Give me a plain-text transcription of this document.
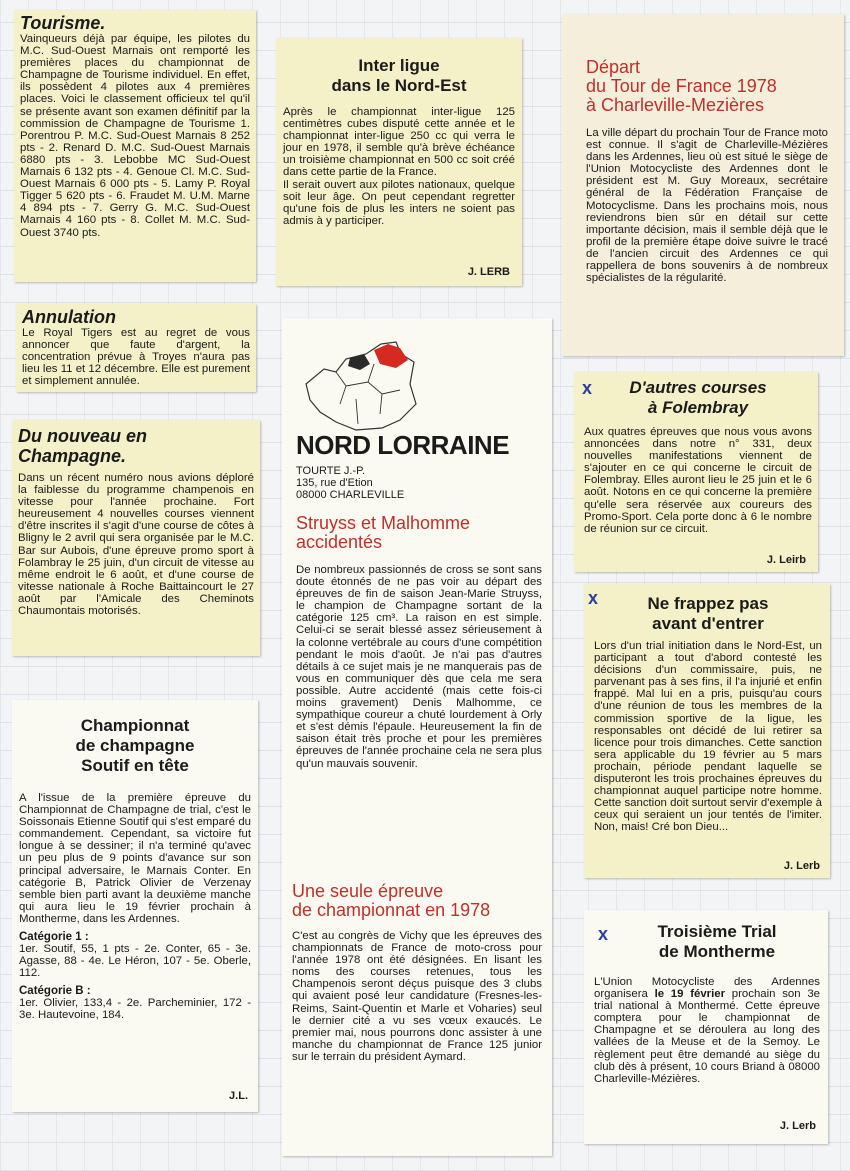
Tourisme.

Vainqueurs déjà par équipe, les pilotes du M.C. Sud-Ouest Marnais ont remporté les premières places du championnat de Champagne de Tourisme individuel. En effet, ils possèdent 4 pilotes aux 4 premières places. Voici le classement officieux tel qu'il se présente avant son examen définitif par la commission de Champagne de Tourisme 1. Porentrou P. M.C. Sud-Ouest Marnais 8 252 pts - 2. Renard D. M.C. Sud-Ouest Marnais 6880 pts - 3. Lebobbe MC Sud-Ouest Marnais 6 132 pts - 4. Genoue Cl. M.C. Sud-Ouest Marnais 6 000 pts - 5. Lamy P. Royal Tigger 5 620 pts - 6. Fraudet M. U.M. Marne 4 894 pts - 7. Gerry G. M.C. Sud-Ouest Marnais 4 160 pts - 8. Collet M. M.C. Sud-Ouest 3740 pts.

Annulation

Le Royal Tigers est au regret de vous annoncer que faute d'argent, la concentration prévue à Troyes n'aura pas lieu les 11 et 12 décembre. Elle est purement et simplement annulée.

Du nouveau en
Champagne.

Dans un récent numéro nous avions déploré la faiblesse du programme champenois en vitesse pour l'année prochaine. Fort heureusement 4 nouvelles courses viennent d'être inscrites il s'agit d'une course de côtes à Bligny le 2 avril qui sera organisée par le M.C. Bar sur Aubois, d'une épreuve promo sport à Folambray le 25 juin, d'un circuit de vitesse au même endroit le 6 août, et d'une course de vitesse nationale à Roche Baittaincourt le 27 août par l'Amicale des Cheminots Chaumontais motorisés.

Championnat
de champagne
Soutif en tête

A l'issue de la première épreuve du Championnat de Champagne de trial, c'est le Soissonais Etienne Soutif qui s'est emparé du commandement. Cependant, sa victoire fut longue à se dessiner; il n'a terminé qu'avec un peu plus de 9 points d'avance sur son principal adversaire, le Marnais Conter. En catégorie B, Patrick Olivier de Verzenay semble bien parti avant la deuxième manche qui aura lieu le 19 février prochain à Montherme, dans les Ardennes.

Catégorie 1 :

1er. Soutif, 55, 1 pts - 2e. Conter, 65 - 3e. Agasse, 88 - 4e. Le Héron, 107 - 5e. Oberle, 112.

Catégorie B :

1er. Olivier, 133,4 - 2e. Parcheminier, 172 - 3e. Hautevoine, 184.

J.L.

Inter ligue
dans le Nord-Est

Après le championnat inter-ligue 125 centimètres cubes disputé cette année et le championnat inter-ligue 250 cc qui verra le jour en 1978, il semble qu'à brève échéance un troisième championnat en 500 cc soit créé dans cette partie de la France.
Il serait ouvert aux pilotes nationaux, quelque soit leur âge. On peut cependant regretter qu'une fois de plus les inters ne soient pas admis à y participer.

J. LERB

NORD LORRAINE

TOURTE J.-P.
135, rue d'Etion
08000 CHARLEVILLE

Struyss et Malhomme
accidentés

De nombreux passionnés de cross se sont sans doute étonnés de ne pas voir au départ des épreuves de fin de saison Jean-Marie Struyss, le champion de Champagne sortant de la catégorie 125 cm³. La raison en est simple. Celui-ci se serait blessé assez sérieusement à la colonne vertébrale au cours d'une compétition pendant le mois d'août. Je n'ai pas d'autres détails à ce sujet mais je ne manquerais pas de vous en communiquer dès que cela me sera possible. Autre accidenté (mais cette fois-ci moins gravement) Denis Malhomme, ce sympathique coureur a chuté lourdement à Orly et s'est démis l'épaule. Heureusement la fin de saison était très proche et pour les premières épreuves de l'année prochaine cela ne sera plus qu'un mauvais souvenir.

Une seule épreuve
de championnat en 1978

C'est au congrès de Vichy que les épreuves des championnats de France de moto-cross pour l'année 1978 ont été désignées. En lisant les noms des courses retenues, tous les Champenois seront déçus puisque des 3 clubs qui avaient posé leur candidature (Fresnes-les-Reims, Saint-Quentin et Marle et Voharies) seul le dernier cité a vu ses vœux exaucés. Le premier mai, nous pourrons donc assister à une manche du championnat de France 125 junior sur le terrain du président Aymard.

Départ
du Tour de France 1978
à Charleville-Mezières

La ville départ du prochain Tour de France moto est connue. Il s'agit de Charleville-Mézières dans les Ardennes, lieu où est situé le siège de l'Union Motocycliste des Ardennes dont le président est M. Guy Moreaux, secrétaire général de la Fédération Française de Motocyclisme. Dans les prochains mois, nous reviendrons bien sûr en détail sur cette importante décision, mais il semble déjà que le profil de la première étape doive suivre le tracé de l'ancien circuit des Ardennes ce qui rappellera de bons souvenirs à de nombreux spécialistes de la régularité.

x	D'autres courses
à Folembray

Aux quatres épreuves que nous vous avons annoncées dans notre n° 331, deux nouvelles manifestations viennent de s'ajouter en ce qui concerne le circuit de Folembray. Elles auront lieu le 25 juin et le 6 août. Notons en ce qui concerne la première qu'elle sera réservée aux coureurs des Promo-Sport. Cela porte donc à 6 le nombre de réunion sur ce circuit.

J. Leirb

x	Ne frappez pas
avant d'entrer

Lors d'un trial initiation dans le Nord-Est, un participant a tout d'abord contesté les décisions d'un commissaire, puis, ne parvenant pas à ses fins, il l'a injurié et enfin frappé. Mal lui en a pris, puisqu'au cours d'une réunion de tous les membres de la commission sportive de la ligue, les responsables ont décidé de lui retirer sa licence pour trois dimanches. Cette sanction sera applicable du 19 février au 5 mars prochain, période pendant laquelle se disputeront les trois prochaines épreuves du championnat auquel participe notre homme. Cette sanction doit surtout servir d'exemple à ceux qui seraient un jour tentés de l'imiter. Non, mais! Cré bon Dieu...

J. Lerb

x	Troisième Trial
de Montherme

L'Union Motocycliste des Ardennes organisera le 19 février prochain son 3e trial national à Monthermé. Cette épreuve comptera pour le championnat de Champagne et se déroulera au long des vallées de la Meuse et de la Semoy. Le règlement peut être demandé au siège du club dès à présent, 10 cours Briand à 08000 Charleville-Mézières.

J. Lerb
